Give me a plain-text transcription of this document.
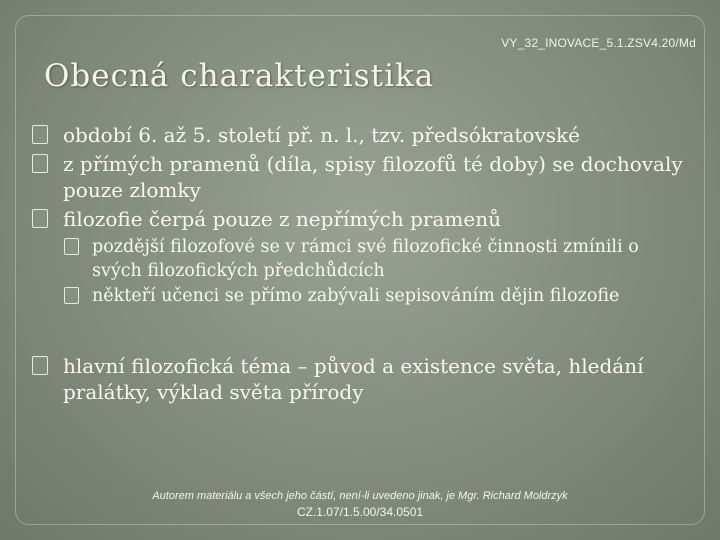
VY_32_INOVACE_5.1.ZSV4.20/Md
Obecná charakteristika
období 6. až 5. století př. n. l., tzv. předsókratovské
z přímých pramenů (díla, spisy filozofů té doby) se dochovaly pouze zlomky
filozofie čerpá pouze z nepřímých pramenů
pozdější filozofové se v rámci své filozofické činnosti zmínili o svých filozofických předchůdcích
někteří učenci se přímo zabývali sepisováním dějin filozofie
hlavní filozofická téma – původ a existence světa, hledání pralátky, výklad světa přírody
Autorem materiálu a všech jeho částí, není-li uvedeno jinak, je Mgr. Richard Moldrzyk
CZ.1.07/1.5.00/34.0501
